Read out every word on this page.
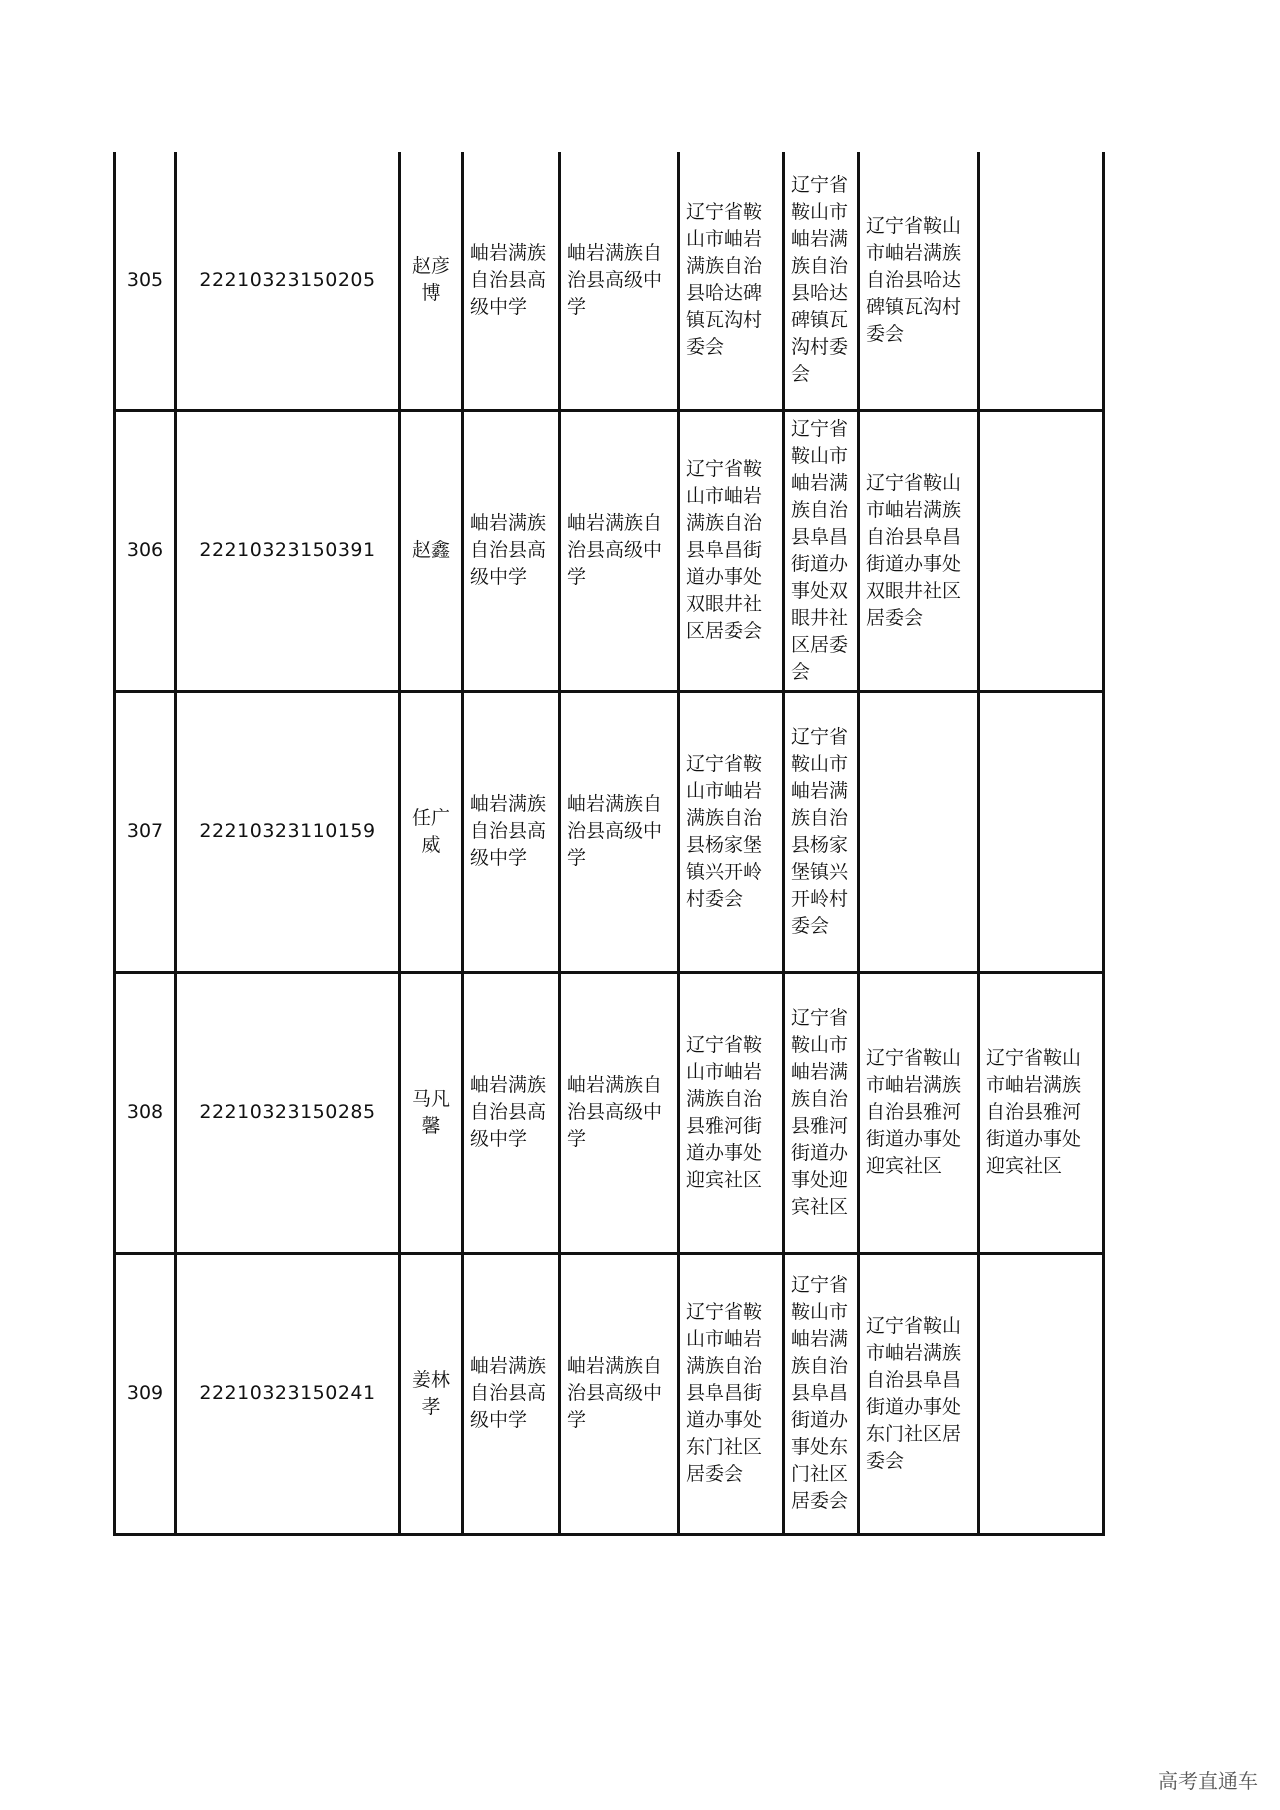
305	22210323150205	赵彦博	岫岩满族自治县高级中学	岫岩满族自治县高级中学	辽宁省鞍山市岫岩满族自治县哈达碑镇瓦沟村委会	辽宁省鞍山市岫岩满族自治县哈达碑镇瓦沟村委会	辽宁省鞍山市岫岩满族自治县哈达碑镇瓦沟村委会	
306	22210323150391	赵鑫	岫岩满族自治县高级中学	岫岩满族自治县高级中学	辽宁省鞍山市岫岩满族自治县阜昌街道办事处双眼井社区居委会	辽宁省鞍山市岫岩满族自治县阜昌街道办事处双眼井社区居委会	辽宁省鞍山市岫岩满族自治县阜昌街道办事处双眼井社区居委会	
307	22210323110159	任广威	岫岩满族自治县高级中学	岫岩满族自治县高级中学	辽宁省鞍山市岫岩满族自治县杨家堡镇兴开岭村委会	辽宁省鞍山市岫岩满族自治县杨家堡镇兴开岭村委会		
308	22210323150285	马凡馨	岫岩满族自治县高级中学	岫岩满族自治县高级中学	辽宁省鞍山市岫岩满族自治县雅河街道办事处迎宾社区	辽宁省鞍山市岫岩满族自治县雅河街道办事处迎宾社区	辽宁省鞍山市岫岩满族自治县雅河街道办事处迎宾社区	辽宁省鞍山市岫岩满族自治县雅河街道办事处迎宾社区
309	22210323150241	姜林孝	岫岩满族自治县高级中学	岫岩满族自治县高级中学	辽宁省鞍山市岫岩满族自治县阜昌街道办事处东门社区居委会	辽宁省鞍山市岫岩满族自治县阜昌街道办事处东门社区居委会	辽宁省鞍山市岫岩满族自治县阜昌街道办事处东门社区居委会	
高考直通车
